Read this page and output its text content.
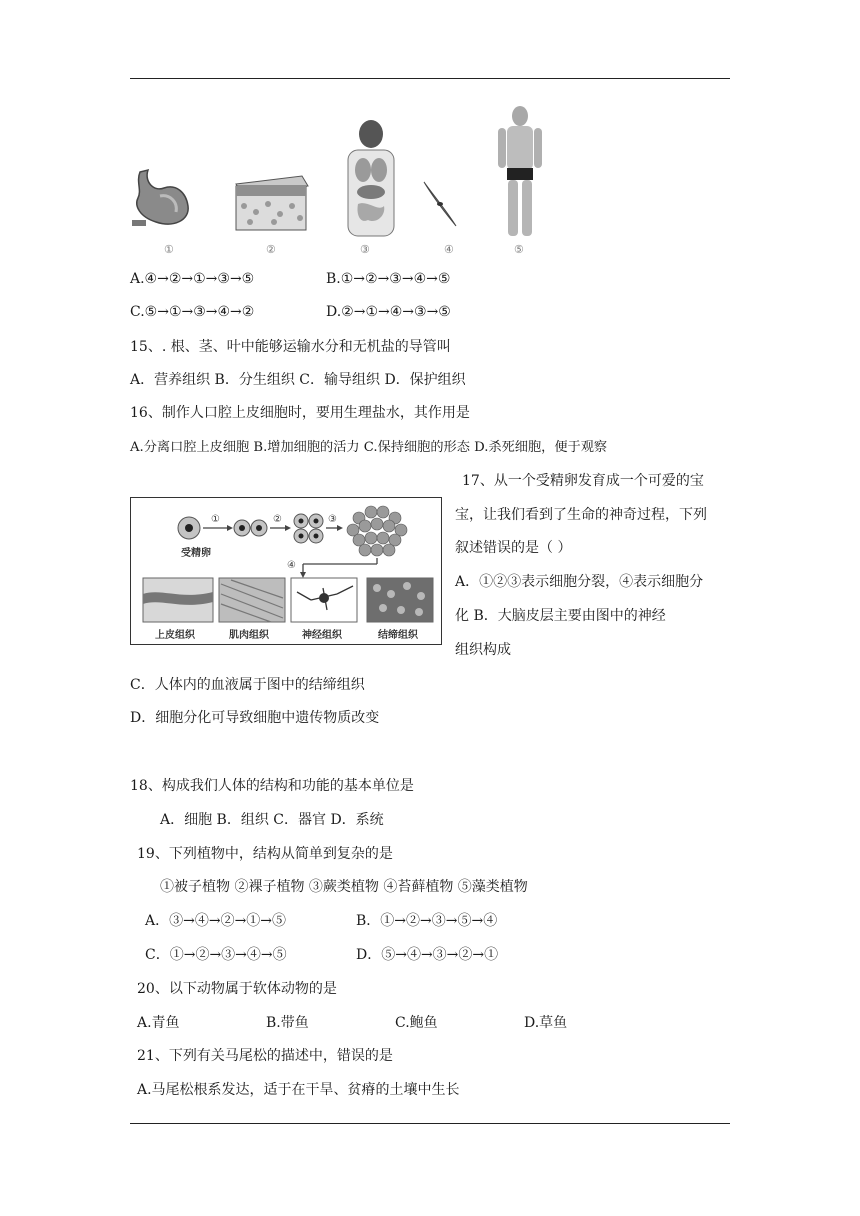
①	②	③	④	⑤
A.④→②→①→③→⑤	B.①→②→③→④→⑤
C.⑤→①→③→④→②	D.②→①→④→③→⑤
15、. 根、茎、叶中能够运输水分和无机盐的导管叫
A．营养组织 B．分生组织 C．输导组织 D．保护组织
16、制作人口腔上皮细胞时，要用生理盐水，其作用是
A.分离口腔上皮细胞 B.增加细胞的活力 C.保持细胞的形态 D.杀死细胞，便于观察
17、从一个受精卵发育成一个可爱的宝
宝，让我们看到了生命的神奇过程，下列
叙述错误的是（ ）
A．①②③表示细胞分裂，④表示细胞分
化 B．大脑皮层主要由图中的神经
组织构成
受精卵
①	②	③
④
上皮组织	肌肉组织	神经组织	结缔组织
C．人体内的血液属于图中的结缔组织
D．细胞分化可导致细胞中遗传物质改变
18、构成我们人体的结构和功能的基本单位是
A．细胞 B．组织 C．器官 D．系统
19、下列植物中，结构从简单到复杂的是
①被子植物 ②裸子植物 ③蕨类植物 ④苔藓植物 ⑤藻类植物
A．③→④→②→①→⑤	B．①→②→③→⑤→④
C．①→②→③→④→⑤	D．⑤→④→③→②→①
20、以下动物属于软体动物的是
A.青鱼	B.带鱼	C.鲍鱼	D.草鱼
21、下列有关马尾松的描述中，错误的是
A.马尾松根系发达，适于在干旱、贫瘠的土壤中生长
